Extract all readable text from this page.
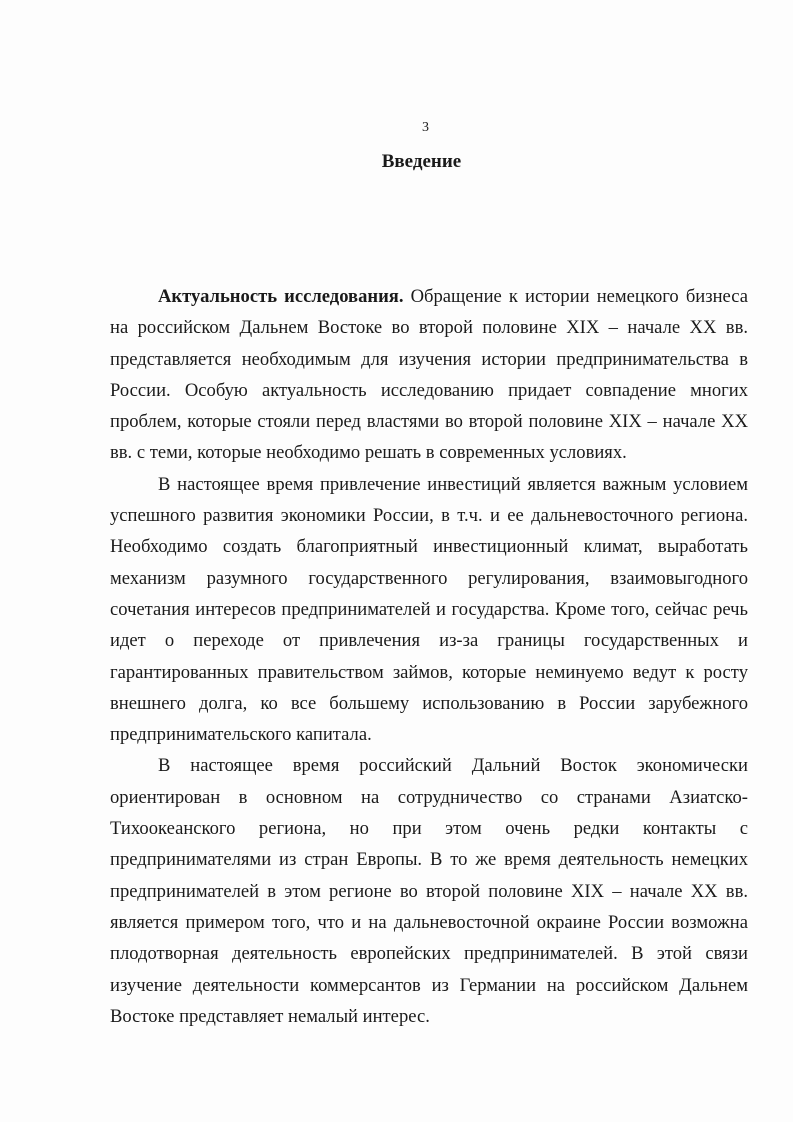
3
Введение

Актуальность исследования. Обращение к истории немецкого бизнеса на российском Дальнем Востоке во второй половине XIX – начале XX вв. представляется необходимым для изучения истории предпринимательства в России. Особую актуальность исследованию придает совпадение многих проблем, которые стояли перед властями во второй половине XIX – начале XX вв. с теми, которые необходимо решать в современных условиях.

В настоящее время привлечение инвестиций является важным условием успешного развития экономики России, в т.ч. и ее дальневосточного региона. Необходимо создать благоприятный инвестиционный климат, выработать механизм разумного государственного регулирования, взаимовыгодного сочетания интересов предпринимателей и государства. Кроме того, сейчас речь идет о переходе от привлечения из-за границы государственных и гарантированных правительством займов, которые неминуемо ведут к росту внешнего долга, ко все большему использованию в России зарубежного предпринимательского капитала.

В настоящее время российский Дальний Восток экономически ориентирован в основном на сотрудничество со странами Азиатско-Тихоокеанского региона, но при этом очень редки контакты с предпринимателями из стран Европы. В то же время деятельность немецких предпринимателей в этом регионе во второй половине XIX – начале XX вв. является примером того, что и на дальневосточной окраине России возможна плодотворная деятельность европейских предпринимателей. В этой связи изучение деятельности коммерсантов из Германии на российском Дальнем Востоке представляет немалый интерес.
